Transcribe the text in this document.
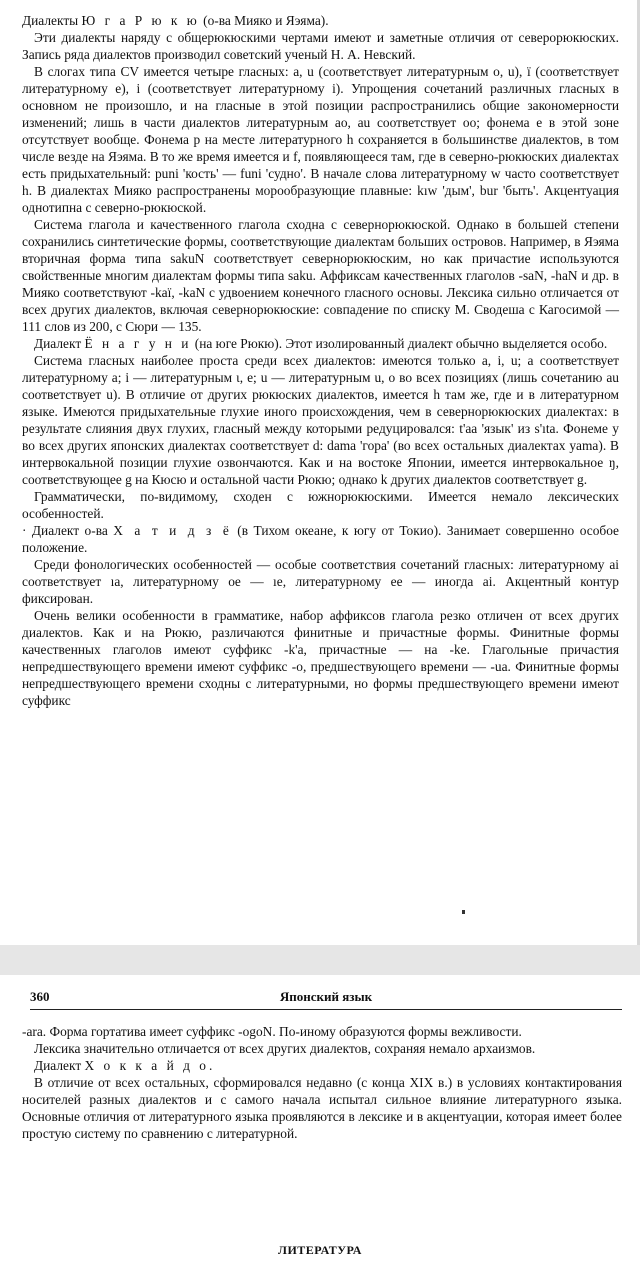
Диалекты Ю г а Р ю к ю (о-ва Мияко и Яэяма).

Эти диалекты наряду с общерюкюскими чертами имеют и заметные отличия от северорюкюских. Запись ряда диалектов производил советский ученый Н. А. Невский.

В слогах типа CV имеется четыре гласных: a, u (соответствует литературным o, u), ї (соответствует литературному e), i (соответствует литературному i). Упрощения сочетаний различных гласных в основном не произошло, и на гласные в этой позиции распространились общие закономерности изменений; лишь в части диалектов литературным ao, au соответствует oo; фонема e в этой зоне отсутствует вообще. Фонема p на месте литературного h сохраняется в большинстве диалектов, в том числе везде на Яэяма. В то же время имеется и f, появляющееся там, где в северно-рюкюских диалектах есть придыхательный: puni 'кость' — funi 'судно'. В начале слова литературному w часто соответствует h. В диалектах Мияко распространены морообразующие плавные: kıw 'дым', bur 'быть'. Акцентуация однотипна с северно-рюкюской.

Система глагола и качественного глагола сходна с севернорюкюской. Однако в большей степени сохранились синтетические формы, соответствующие диалектам больших островов. Например, в Яэяма вторичная форма типа sakuN соответствует севернорюкюским, но как причастие используются свойственные многим диалектам формы типа saku. Аффиксам качественных глаголов -saN, -haN и др. в Мияко соответствуют -kaї, -kaN с удвоением конечного гласного основы. Лексика сильно отличается от всех других диалектов, включая севернорюкюские: совпадение по списку М. Сводеша с Кагосимой — 111 слов из 200, с Сюри — 135.

Диалект Ё н а г у н и (на юге Рюкю). Этот изолированный диалект обычно выделяется особо.

Система гласных наиболее проста среди всех диалектов: имеются только a, i, u; a соответствует литературному a; i — литературным ι, e; u — литературным u, o во всех позициях (лишь сочетанию au соответствует u). В отличие от других рюкюских диалектов, имеется h там же, где и в литературном языке. Имеются придыхательные глухие иного происхождения, чем в севернорюкюских диалектах: в результате слияния двух глухих, гласный между которыми редуцировался: t'aa 'язык' из s'ıta. Фонеме y во всех других японских диалектах соответствует d: dama 'гора' (во всех остальных диалектах yama). В интервокальной позиции глухие озвончаются. Как и на востоке Японии, имеется интервокальное ŋ, соответствующее g на Кюсю и остальной части Рюкю; однако k других диалектов соответствует g.

Грамматически, по-видимому, сходен с южнорюкюскими. Имеется немало лексических особенностей.

· Диалект о-ва Х а т и д з ё (в Тихом океане, к югу от Токио). Занимает совершенно особое положение.

Среди фонологических особенностей — особые соответствия сочетаний гласных: литературному ai соответствует ıa, литературному oe — ıe, литературному ee — иногда ai. Акцентный контур фиксирован.

Очень велики особенности в грамматике, набор аффиксов глагола резко отличен от всех других диалектов. Как и на Рюкю, различаются финитные и причастные формы. Финитные формы качественных глаголов имеют суффикс -k'a, причастные — на -ke. Глагольные причастия непредшествующего времени имеют суффикс -o, предшествующего времени — -ua. Финитные формы непредшествующего времени сходны с литературными, но формы предшествующего времени имеют суффикс

360	Японский язык

-ara. Форма гортатива имеет суффикс -ogoN. По-иному образуются формы вежливости.

Лексика значительно отличается от всех других диалектов, сохраняя немало архаизмов.

Диалект Х о к к а й д о.

В отличие от всех остальных, сформировался недавно (с конца XIX в.) в условиях контактирования носителей разных диалектов и с самого начала испытал сильное влияние литературного языка. Основные отличия от литературного языка проявляются в лексике и в акцентуации, которая имеет более простую систему по сравнению с литературной.

ЛИТЕРАТУРА
